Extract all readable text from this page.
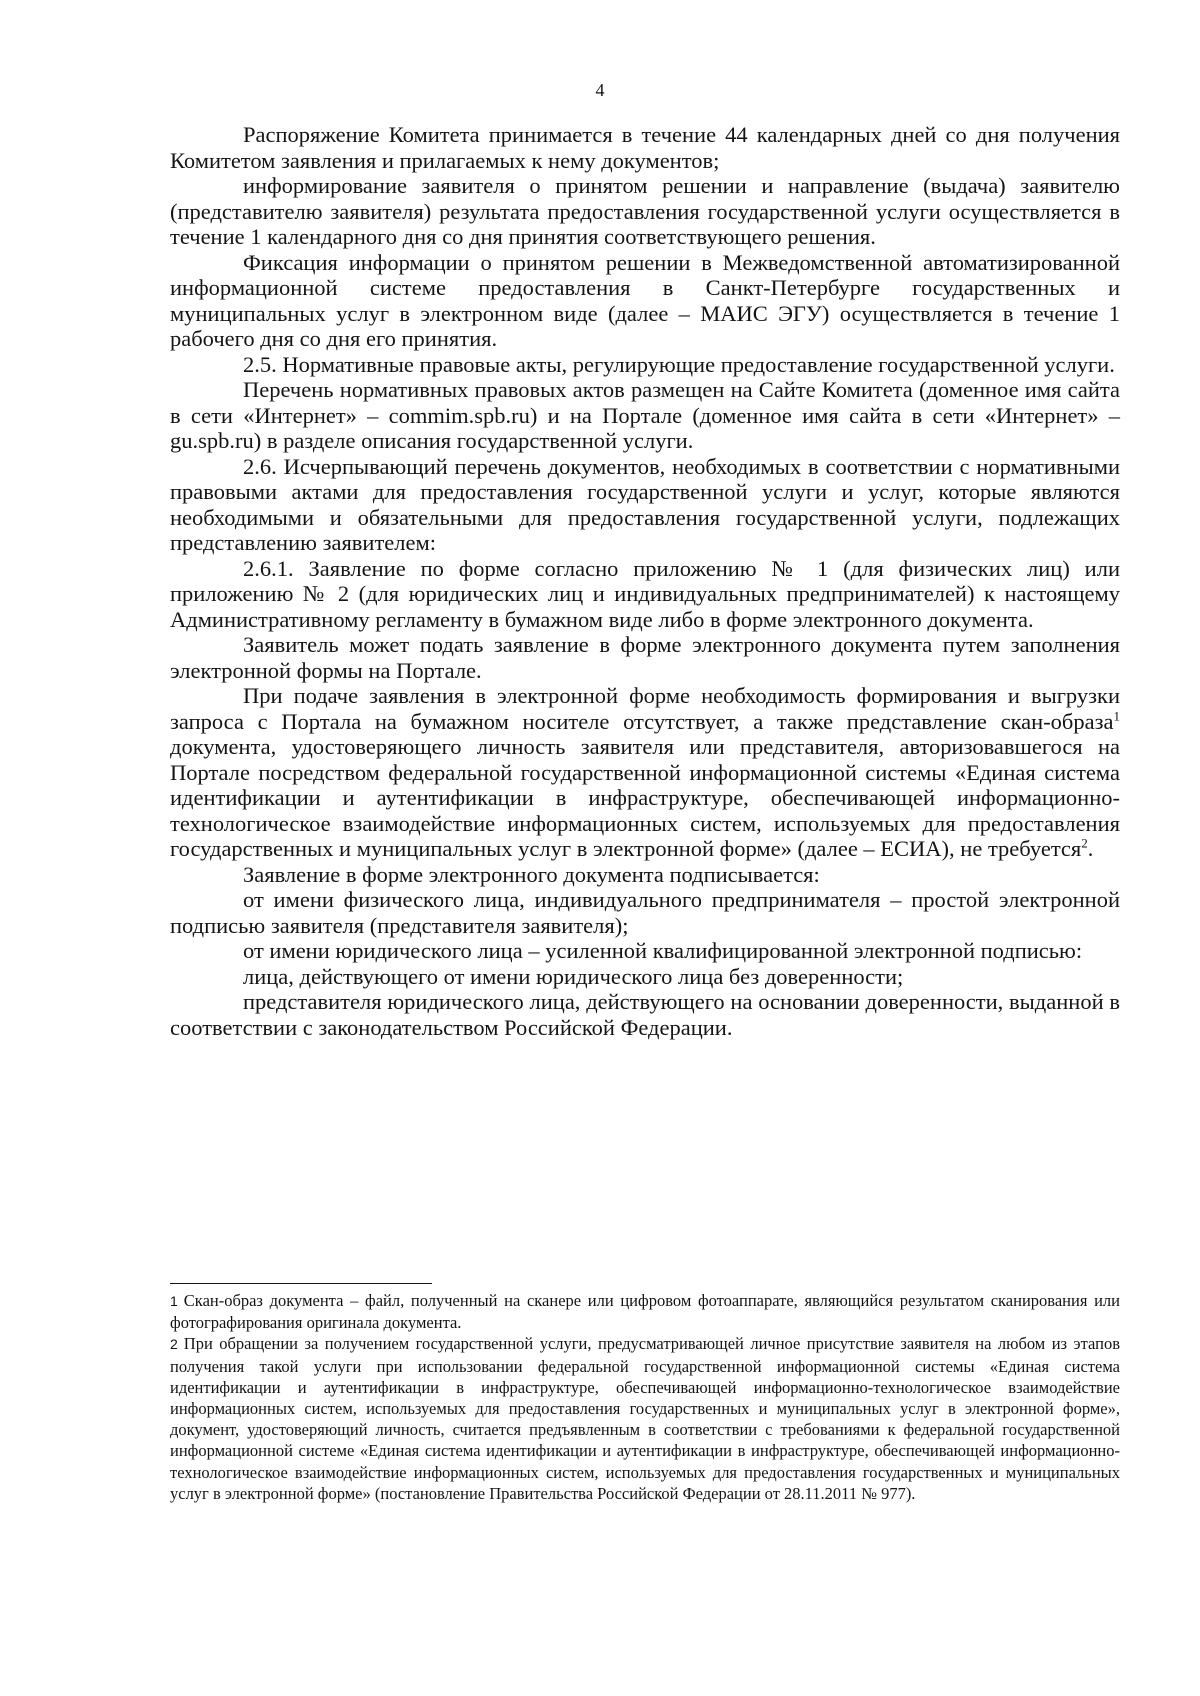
4

Распоряжение Комитета принимается в течение 44 календарных дней со дня получения Комитетом заявления и прилагаемых к нему документов;

информирование заявителя о принятом решении и направление (выдача) заявителю (представителю заявителя) результата предоставления государственной услуги осуществляется в течение 1 календарного дня со дня принятия соответствующего решения.

Фиксация информации о принятом решении в Межведомственной автоматизированной информационной системе предоставления в Санкт-Петербурге государственных и муниципальных услуг в электронном виде (далее – МАИС ЭГУ) осуществляется в течение 1 рабочего дня со дня его принятия.

2.5. Нормативные правовые акты, регулирующие предоставление государственной услуги.

Перечень нормативных правовых актов размещен на Сайте Комитета (доменное имя сайта в сети «Интернет» – commim.spb.ru) и на Портале (доменное имя сайта в сети «Интернет» – gu.spb.ru) в разделе описания государственной услуги.

2.6. Исчерпывающий перечень документов, необходимых в соответствии с нормативными правовыми актами для предоставления государственной услуги и услуг, которые являются необходимыми и обязательными для предоставления государственной услуги, подлежащих представлению заявителем:

2.6.1. Заявление по форме согласно приложению № 1 (для физических лиц) или приложению № 2 (для юридических лиц и индивидуальных предпринимателей) к настоящему Административному регламенту в бумажном виде либо в форме электронного документа.

Заявитель может подать заявление в форме электронного документа путем заполнения электронной формы на Портале.

При подаче заявления в электронной форме необходимость формирования и выгрузки запроса с Портала на бумажном носителе отсутствует, а также представление скан-образа$^1$ документа, удостоверяющего личность заявителя или представителя, авторизовавшегося на Портале посредством федеральной государственной информационной системы «Единая система идентификации и аутентификации в инфраструктуре, обеспечивающей информационно-технологическое взаимодействие информационных систем, используемых для предоставления государственных и муниципальных услуг в электронной форме» (далее – ЕСИА), не требуется$^2$.

Заявление в форме электронного документа подписывается:

от имени физического лица, индивидуального предпринимателя – простой электронной подписью заявителя (представителя заявителя);

от имени юридического лица – усиленной квалифицированной электронной подписью:

лица, действующего от имени юридического лица без доверенности;

представителя юридического лица, действующего на основании доверенности, выданной в соответствии с законодательством Российской Федерации.

1 Скан-образ документа – файл, полученный на сканере или цифровом фотоаппарате, являющийся результатом сканирования или фотографирования оригинала документа.

2 При обращении за получением государственной услуги, предусматривающей личное присутствие заявителя на любом из этапов получения такой услуги при использовании федеральной государственной информационной системы «Единая система идентификации и аутентификации в инфраструктуре, обеспечивающей информационно-технологическое взаимодействие информационных систем, используемых для предоставления государственных и муниципальных услуг в электронной форме», документ, удостоверяющий личность, считается предъявленным в соответствии с требованиями к федеральной государственной информационной системе «Единая система идентификации и аутентификации в инфраструктуре, обеспечивающей информационно-технологическое взаимодействие информационных систем, используемых для предоставления государственных и муниципальных услуг в электронной форме» (постановление Правительства Российской Федерации от 28.11.2011 № 977).
